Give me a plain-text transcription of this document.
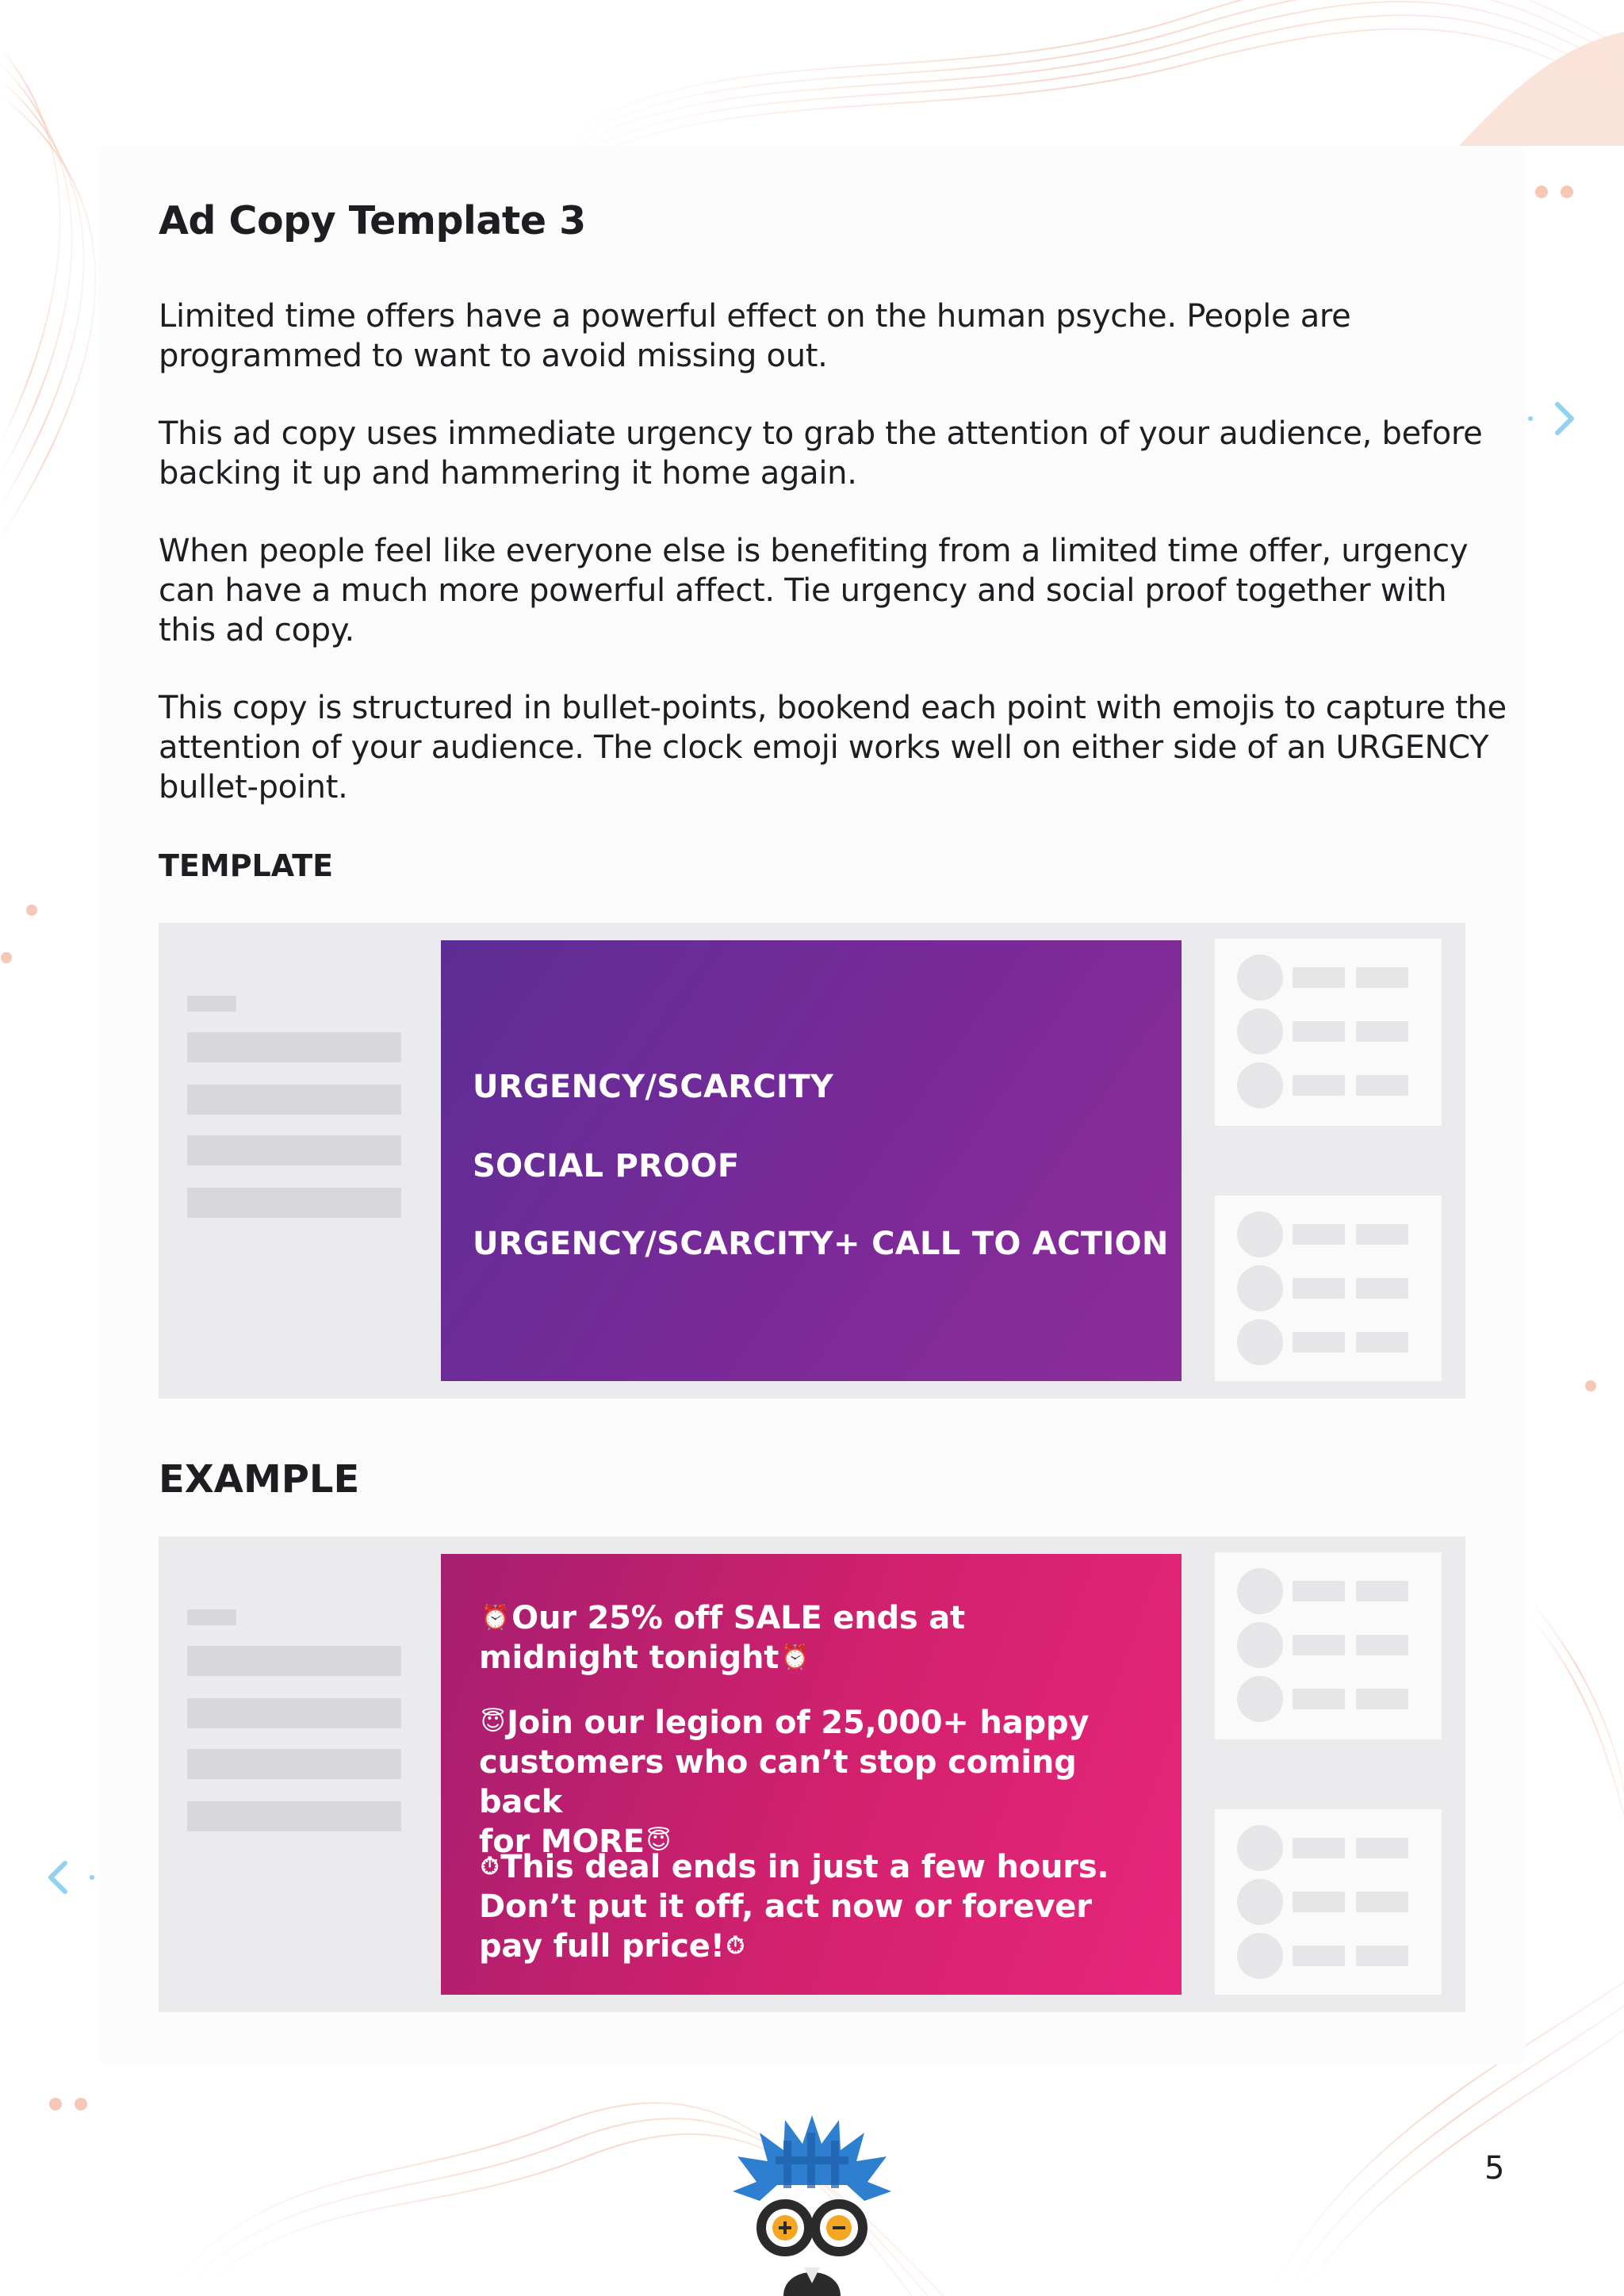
Ad Copy Template 3

Limited time offers have a powerful effect on the human psyche. People are programmed to want to avoid missing out.

This ad copy uses immediate urgency to grab the attention of your audience, before backing it up and hammering it home again.

When people feel like everyone else is benefiting from a limited time offer, urgency can have a much more powerful affect. Tie urgency and social proof together with this ad copy.

This copy is structured in bullet-points, bookend each point with emojis to capture the attention of your audience. The clock emoji works well on either side of an URGENCY bullet-point.

TEMPLATE
URGENCY/SCARCITY
SOCIAL PROOF
URGENCY/SCARCITY+ CALL TO ACTION
EXAMPLE
⏰Our 25% off SALE ends at
midnight tonight⏰
😇Join our legion of 25,000+ happy
customers who can’t stop coming back
for MORE😇
⏱This deal ends in just a few hours.
Don’t put it off, act now or forever
pay full price!⏱
5
